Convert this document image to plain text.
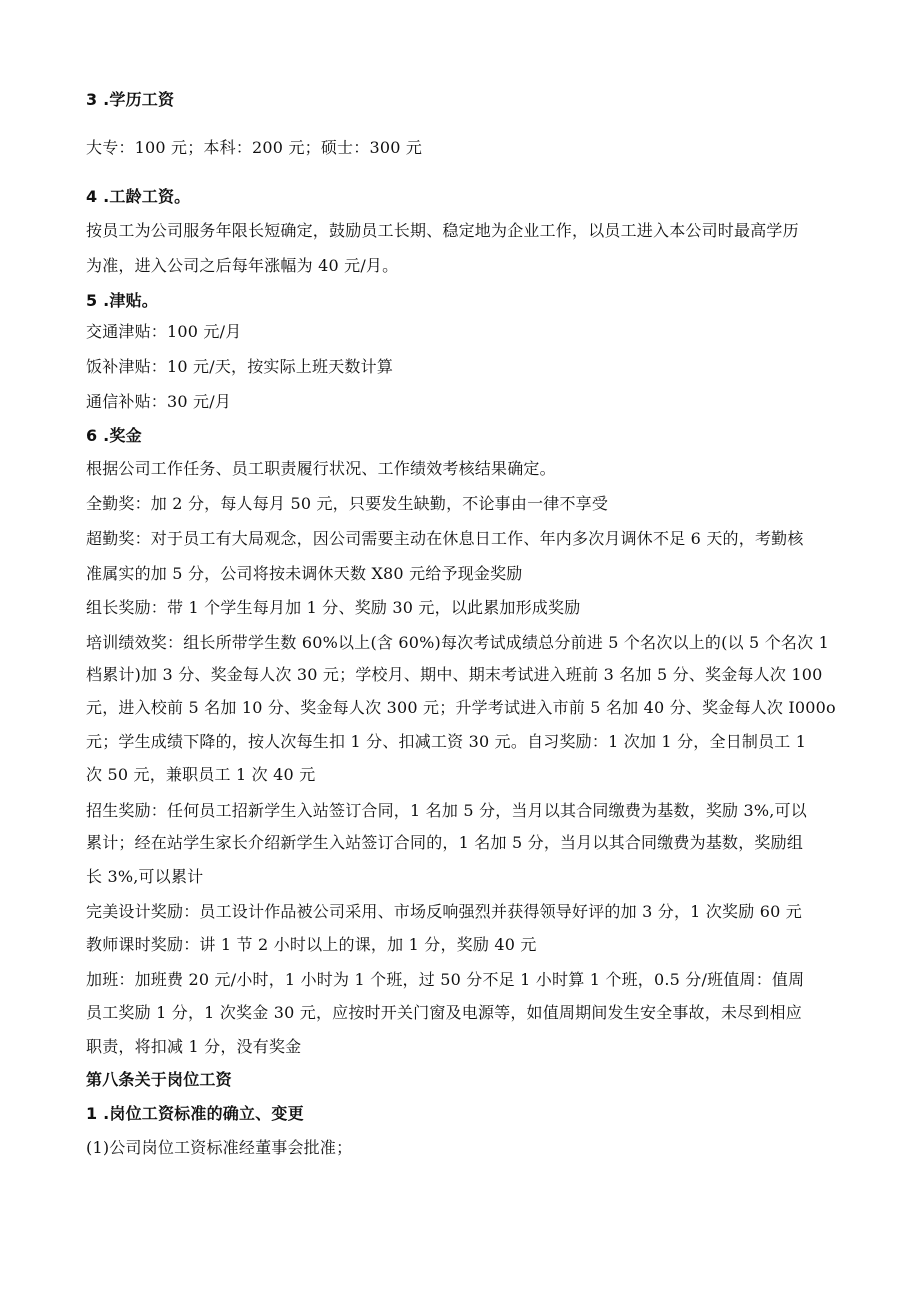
3 .学历工资
大专：100 元；本科：200 元；硕士：300 元
4 .工龄工资。
按员工为公司服务年限长短确定，鼓励员工长期、稳定地为企业工作，以员工进入本公司时最高学历
为准，进入公司之后每年涨幅为 40 元/月。
5 .津贴。
交通津贴：100 元/月
饭补津贴：10 元/天，按实际上班天数计算
通信补贴：30 元/月
6 .奖金
根据公司工作任务、员工职责履行状况、工作绩效考核结果确定。
全勤奖：加 2 分，每人每月 50 元，只要发生缺勤，不论事由一律不享受
超勤奖：对于员工有大局观念，因公司需要主动在休息日工作、年内多次月调休不足 6 天的，考勤核
准属实的加 5 分，公司将按未调休天数 X80 元给予现金奖励
组长奖励：带 1 个学生每月加 1 分、奖励 30 元，以此累加形成奖励
培训绩效奖：组长所带学生数 60%以上(含 60%)每次考试成绩总分前进 5 个名次以上的(以 5 个名次 1
档累计)加 3 分、奖金每人次 30 元；学校月、期中、期末考试进入班前 3 名加 5 分、奖金每人次 100
元，进入校前 5 名加 10 分、奖金每人次 300 元；升学考试进入市前 5 名加 40 分、奖金每人次 I000o
元；学生成绩下降的，按人次每生扣 1 分、扣减工资 30 元。自习奖励：1 次加 1 分，全日制员工 1
次 50 元，兼职员工 1 次 40 元
招生奖励：任何员工招新学生入站签订合同，1 名加 5 分，当月以其合同缴费为基数，奖励 3%,可以
累计；经在站学生家长介绍新学生入站签订合同的，1 名加 5 分，当月以其合同缴费为基数，奖励组
长 3%,可以累计
完美设计奖励：员工设计作品被公司采用、市场反响强烈并获得领导好评的加 3 分，1 次奖励 60 元
教师课时奖励：讲 1 节 2 小时以上的课，加 1 分，奖励 40 元
加班：加班费 20 元/小时，1 小时为 1 个班，过 50 分不足 1 小时算 1 个班，0.5 分/班值周：值周
员工奖励 1 分，1 次奖金 30 元，应按时开关门窗及电源等，如值周期间发生安全事故，未尽到相应
职责，将扣减 1 分，没有奖金
第八条关于岗位工资
1 .岗位工资标准的确立、变更
(1)公司岗位工资标准经董事会批准；
